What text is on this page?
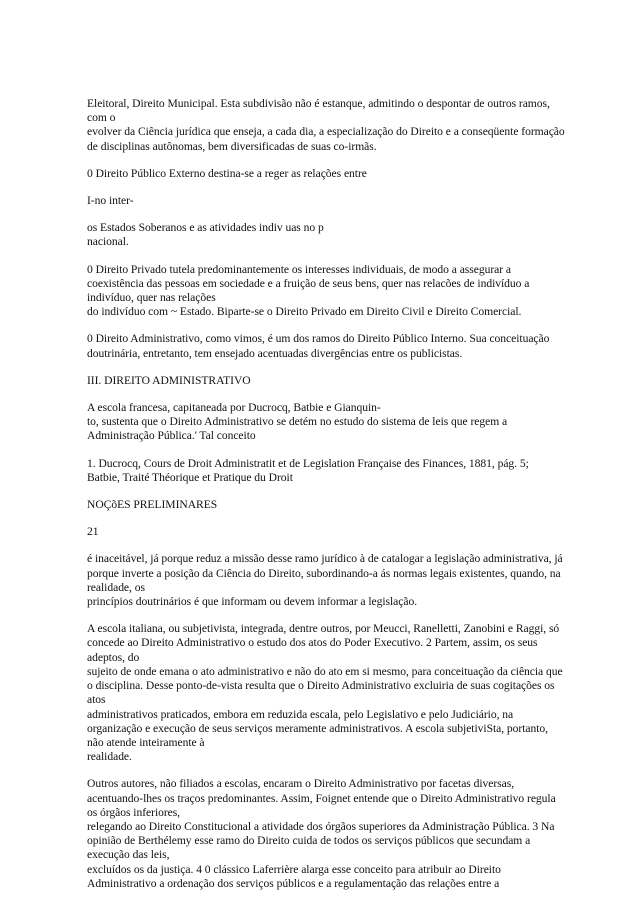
Eleitoral, Direito Municipal. Esta subdivisão não é estanque, admitindo o despontar de outros ramos,
com o
evolver da Ciência jurídica que enseja, a cada dia, a especialização do Direito e a conseqüente formação
de disciplinas autônomas, bem diversificadas de suas co-irmãs.
0 Direito Público Externo destina-se a reger as relações entre
I-no inter-
os Estados Soberanos e as atividades indiv uas no p
nacional.
0 Direito Privado tutela predominantemente os interesses individuais, de modo a assegurar a
coexistência das pessoas em sociedade e a fruição de seus bens, quer nas relacões de indivíduo a
indivíduo, quer nas relações
do indivíduo com ~ Estado. Biparte-se o Direito Privado em Direito Civil e Direito Comercial.
0 Direito Administrativo, como vimos, é um dos ramos do Direito Público Interno. Sua conceituação
doutrinária, entretanto, tem ensejado acentuadas divergências entre os publicistas.
III. DIREITO ADMINISTRATIVO
A escola francesa, capitaneada por Ducrocq, Batbie e Gianquin-
to, sustenta que o Direito Administrativo se detém no estudo do sistema de leis que regem a
Administração Pública.' Tal conceito
1. Ducrocq, Cours de Droit Administratit et de Legislation Française des Finances, 1881, pág. 5;
Batbie, Traité Théorique et Pratique du Droit
NOÇõES PRELIMINARES
21
é inaceitável, já porque reduz a missão desse ramo jurídico à de catalogar a legislação administrativa, já
porque inverte a posição da Ciência do Direito, subordinando-a ás normas legais existentes, quando, na
realidade, os
princípios doutrinários é que informam ou devem informar a legislação.
A escola italiana, ou subjetivista, integrada, dentre outros, por Meucci, Ranelletti, Zanobini e Raggi, só
concede ao Direito Administrativo o estudo dos atos do Poder Executivo. 2 Partem, assim, os seus
adeptos, do
sujeito de onde emana o ato administrativo e não do ato em si mesmo, para conceituação da ciência que
o disciplina. Desse ponto-de-vista resulta que o Direito Administrativo excluiria de suas cogitações os
atos
administrativos praticados, embora em reduzida escala, pelo Legislativo e pelo Judiciário, na
organização e execução de seus serviços meramente administrativos. A escola subjetiviSta, portanto,
não atende inteiramente à
realidade.
Outros autores, não filiados a escolas, encaram o Direito Administrativo por facetas diversas,
acentuando-lhes os traços predominantes. Assim, Foignet entende que o Direito Administrativo regula
os órgãos inferiores,
relegando ao Direito Constitucional a atividade dos órgãos superiores da Administração Pública. 3 Na
opinião de Berthélemy esse ramo do Direito cuida de todos os serviços públicos que secundam a
execução das leis,
excluídos os da justiça. 4 0 clássico Laferrière alarga esse conceito para atribuir ao Direito
Administrativo a ordenação dos serviços públicos e a regulamentação das relações entre a
